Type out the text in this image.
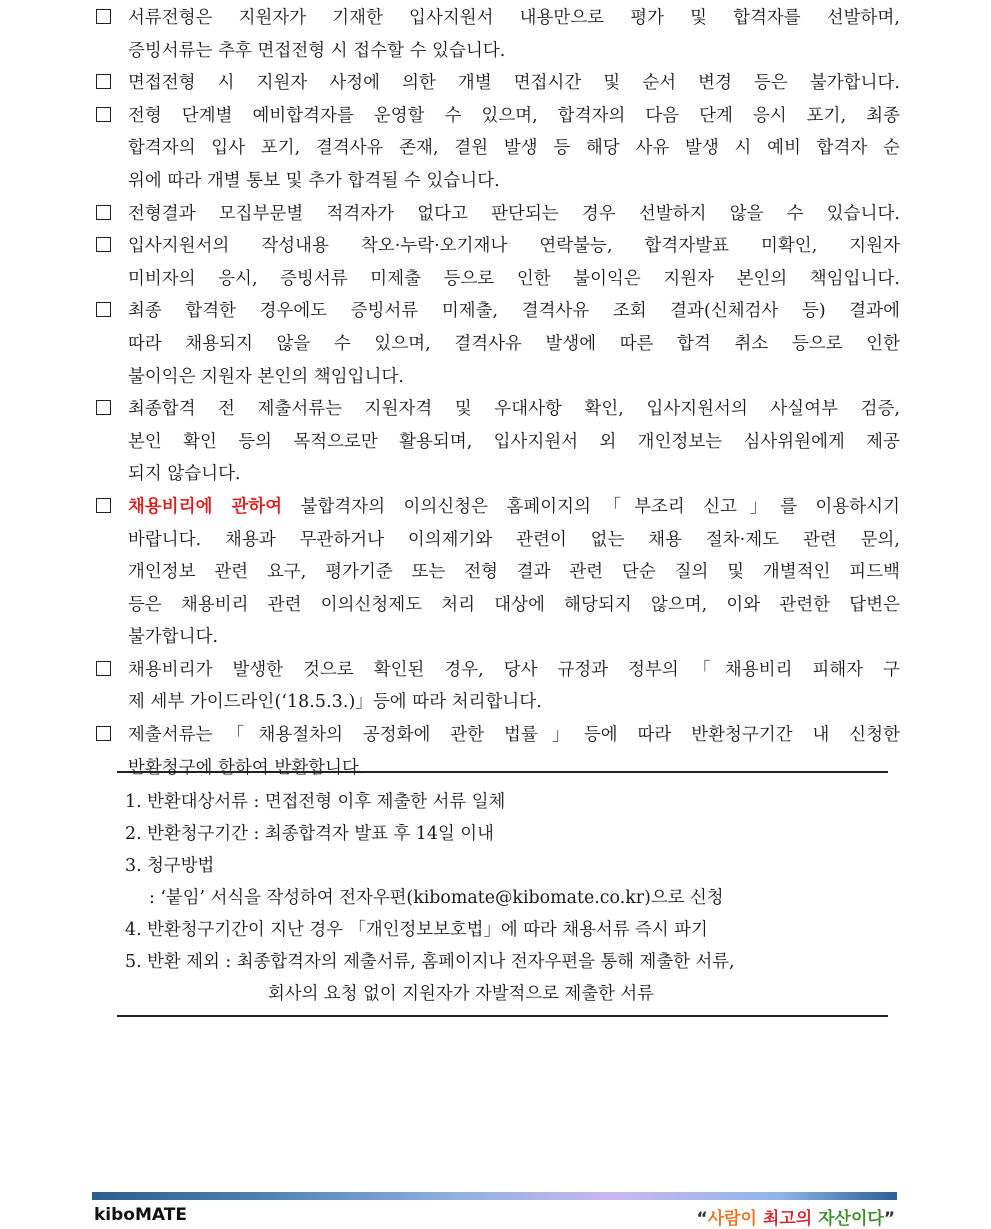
서류전형은 지원자가 기재한 입사지원서 내용만으로 평가 및 합격자를 선발하며,
증빙서류는 추후 면접전형 시 접수할 수 있습니다.
면접전형 시 지원자 사정에 의한 개별 면접시간 및 순서 변경 등은 불가합니다.
전형 단계별 예비합격자를 운영할 수 있으며, 합격자의 다음 단계 응시 포기, 최종
합격자의 입사 포기, 결격사유 존재, 결원 발생 등 해당 사유 발생 시 예비 합격자 순
위에 따라 개별 통보 및 추가 합격될 수 있습니다.
전형결과 모집부문별 적격자가 없다고 판단되는 경우 선발하지 않을 수 있습니다.
입사지원서의 작성내용 착오·누락·오기재나 연락불능, 합격자발표 미확인, 지원자
미비자의 응시, 증빙서류 미제출 등으로 인한 불이익은 지원자 본인의 책임입니다.
최종 합격한 경우에도 증빙서류 미제출, 결격사유 조회 결과(신체검사 등) 결과에
따라 채용되지 않을 수 있으며, 결격사유 발생에 따른 합격 취소 등으로 인한
불이익은 지원자 본인의 책임입니다.
최종합격 전 제출서류는 지원자격 및 우대사항 확인, 입사지원서의 사실여부 검증,
본인 확인 등의 목적으로만 활용되며, 입사지원서 외 개인정보는 심사위원에게 제공
되지 않습니다.
채용비리에 관하여 불합격자의 이의신청은 홈페이지의「부조리 신고」를 이용하시기
바랍니다. 채용과 무관하거나 이의제기와 관련이 없는 채용 절차·제도 관련 문의,
개인정보 관련 요구, 평가기준 또는 전형 결과 관련 단순 질의 및 개별적인 피드백
등은 채용비리 관련 이의신청제도 처리 대상에 해당되지 않으며, 이와 관련한 답변은
불가합니다.
채용비리가 발생한 것으로 확인된 경우, 당사 규정과 정부의「채용비리 피해자 구
제 세부 가이드라인(‘18.5.3.)」등에 따라 처리합니다.
제출서류는「채용절차의 공정화에 관한 법률」등에 따라 반환청구기간 내 신청한
반환청구에 한하여 반환합니다.
1. 반환대상서류 : 면접전형 이후 제출한 서류 일체
2. 반환청구기간 : 최종합격자 발표 후 14일 이내
3. 청구방법
: ‘붙임’ 서식을 작성하여 전자우편(kibomate@kibomate.co.kr)으로 신청
4. 반환청구기간이 지난 경우 「개인정보보호법」에 따라 채용서류 즉시 파기
5. 반환 제외 : 최종합격자의 제출서류, 홈페이지나 전자우편을 통해 제출한 서류,
회사의 요청 없이 지원자가 자발적으로 제출한 서류
kiboMATE	“사람이 최고의 자산이다”
